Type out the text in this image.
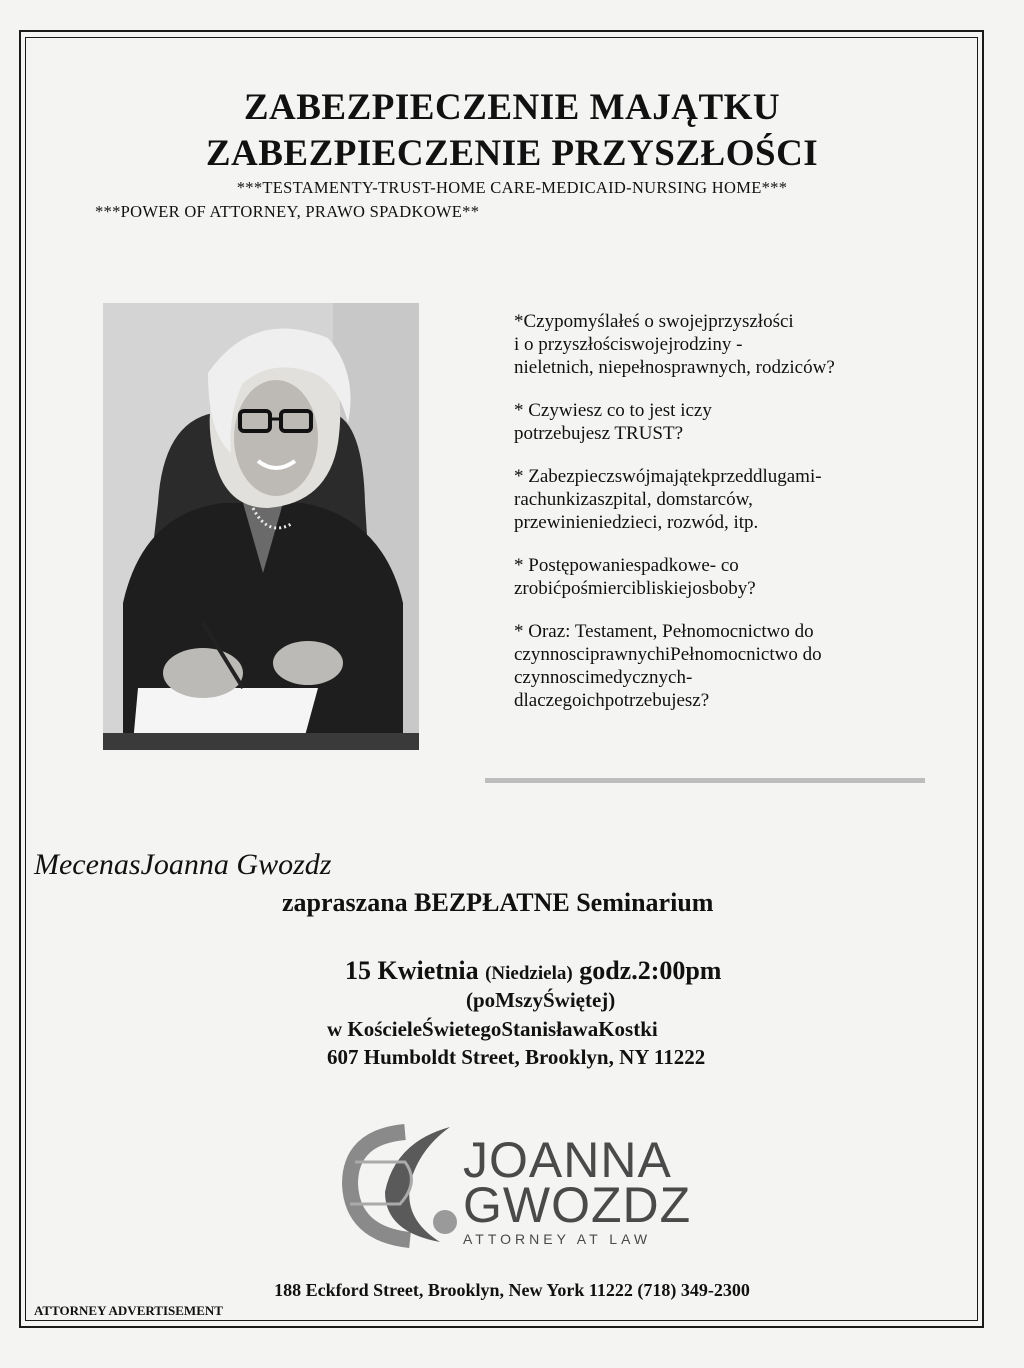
ZABEZPIECZENIE MAJĄTKU
ZABEZPIECZENIE PRZYSZŁOŚCI
***TESTAMENTY-TRUST-HOME CARE-MEDICAID-NURSING HOME***
***POWER OF ATTORNEY, PRAWO SPADKOWE**

*Czypomyślałeś o swojejprzyszłości
i o przyszłościswojejrodziny -
nieletnich, niepełnosprawnych, rodziców?

* Czywiesz co to jest iczy
potrzebujesz TRUST?

* Zabezpieczswójmajątekprzeddlugami-
rachunkizaszpital, domstarców,
przewinieniedzieci, rozwód, itp.

* Postępowaniespadkowe- co
zrobićpośmiercibliskiejosboby?

* Oraz: Testament, Pełnomocnictwo do
czynnosciprawnychiPełnomocnictwo do
czynnoscimedycznych-
dlaczegoichpotrzebujesz?

MecenasJoanna Gwozdz
zapraszana BEZPŁATNE Seminarium
15 Kwietnia (Niedziela) godz.2:00pm
(poMszyŚwiętej)
w KościeleŚwietegoStanisławaKostki
607 Humboldt Street, Brooklyn, NY 11222
JOANNA
GWOZDZ
ATTORNEY AT LAW
188 Eckford Street, Brooklyn, New York 11222 (718) 349-2300
ATTORNEY ADVERTISEMENT
